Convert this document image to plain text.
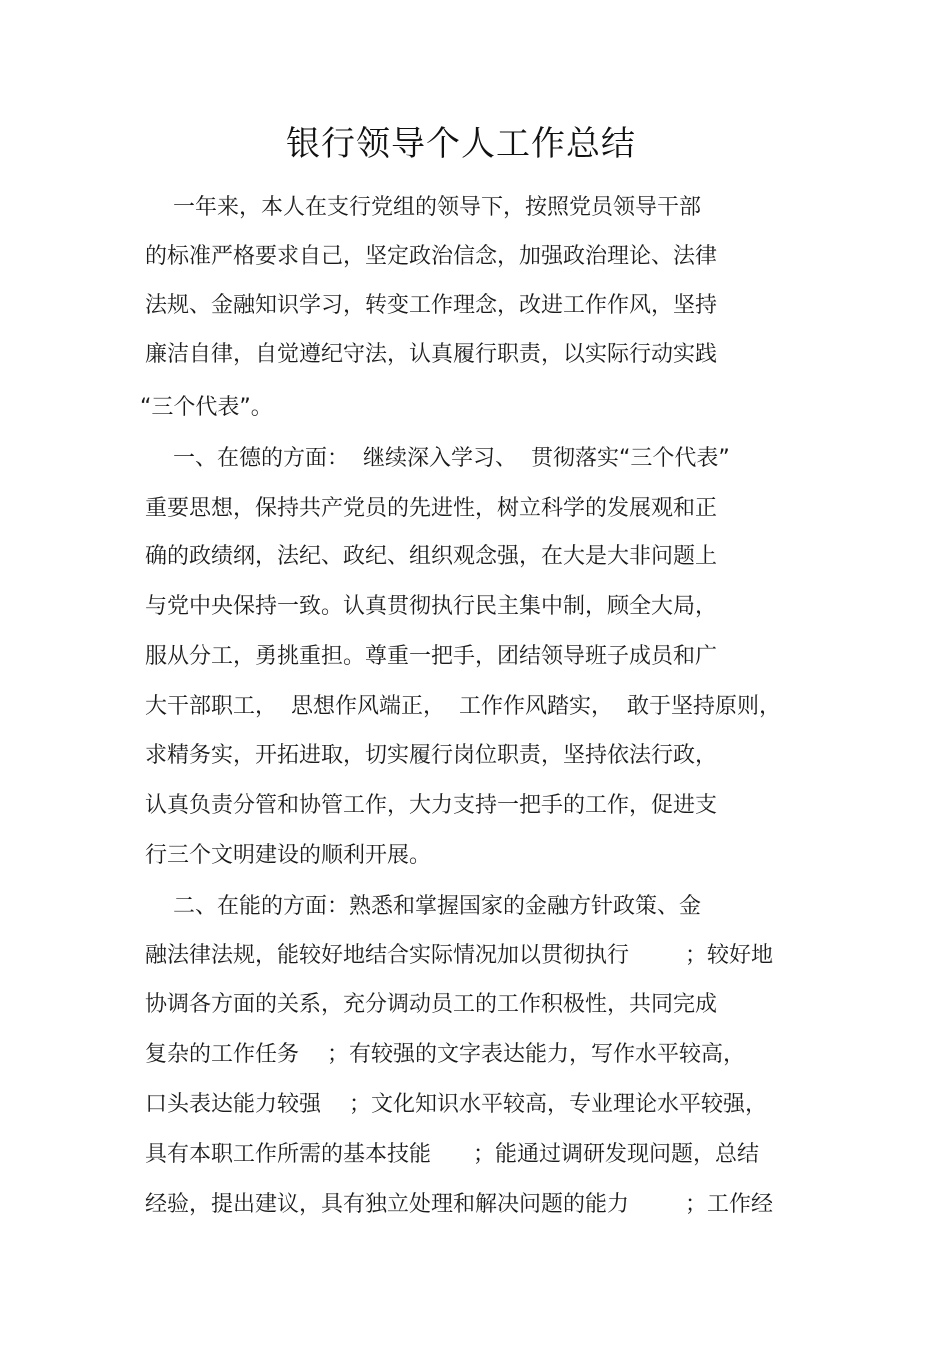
银行领导个人工作总结
一年来，本人在支行党组的领导下，按照党员领导干部
的标准严格要求自己，坚定政治信念，加强政治理论、法律
法规、金融知识学习，转变工作理念，改进工作作风，坚持
廉洁自律，自觉遵纪守法，认真履行职责，以实际行动实践
“三个代表”。
一、在德的方面：  继续深入学习、  贯彻落实“三个代表”
重要思想，保持共产党员的先进性，树立科学的发展观和正
确的政绩纲，法纪、政纪、组织观念强，在大是大非问题上
与党中央保持一致。认真贯彻执行民主集中制，顾全大局，
服从分工，勇挑重担。尊重一把手，团结领导班子成员和广
大干部职工，  思想作风端正，  工作作风踏实，  敢于坚持原则，
求精务实，开拓进取，切实履行岗位职责，坚持依法行政，
认真负责分管和协管工作，大力支持一把手的工作，促进支
行三个文明建设的顺利开展。
二、在能的方面：熟悉和掌握国家的金融方针政策、金
融法律法规，能较好地结合实际情况加以贯彻执行        ；较好地
协调各方面的关系，充分调动员工的工作积极性，共同完成
复杂的工作任务    ；有较强的文字表达能力，写作水平较高，
口头表达能力较强    ；文化知识水平较高，专业理论水平较强，
具有本职工作所需的基本技能      ；能通过调研发现问题，总结
经验，提出建议，具有独立处理和解决问题的能力        ；工作经
